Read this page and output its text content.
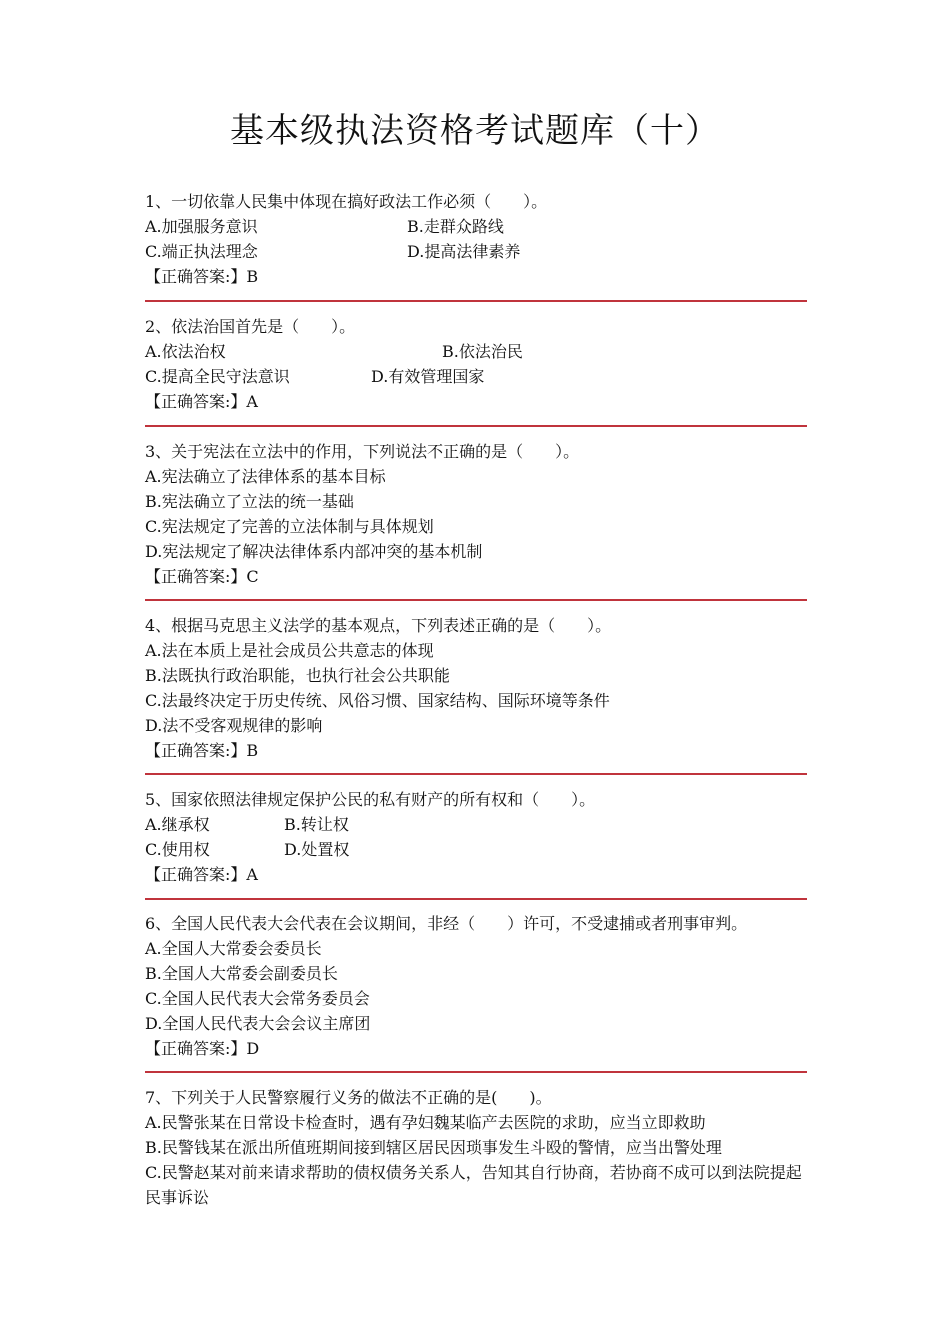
基本级执法资格考试题库（十）
1、一切依靠人民集中体现在搞好政法工作必须（　　）。
A.加强服务意识	B.走群众路线
C.端正执法理念	D.提高法律素养
【正确答案:】B
2、依法治国首先是（　　）。
A.依法治权	B.依法治民
C.提高全民守法意识	D.有效管理国家
【正确答案:】A
3、关于宪法在立法中的作用，下列说法不正确的是（　　）。
A.宪法确立了法律体系的基本目标
B.宪法确立了立法的统一基础
C.宪法规定了完善的立法体制与具体规划
D.宪法规定了解决法律体系内部冲突的基本机制
【正确答案:】C
4、根据马克思主义法学的基本观点，下列表述正确的是（　　）。
A.法在本质上是社会成员公共意志的体现
B.法既执行政治职能，也执行社会公共职能
C.法最终决定于历史传统、风俗习惯、国家结构、国际环境等条件
D.法不受客观规律的影响
【正确答案:】B
5、国家依照法律规定保护公民的私有财产的所有权和（　　）。
A.继承权	B.转让权
C.使用权	D.处置权
【正确答案:】A
6、全国人民代表大会代表在会议期间，非经（　　）许可，不受逮捕或者刑事审判。
A.全国人大常委会委员长
B.全国人大常委会副委员长
C.全国人民代表大会常务委员会
D.全国人民代表大会会议主席团
【正确答案:】D
7、下列关于人民警察履行义务的做法不正确的是(　　)。
A.民警张某在日常设卡检查时，遇有孕妇魏某临产去医院的求助，应当立即救助
B.民警钱某在派出所值班期间接到辖区居民因琐事发生斗殴的警情，应当出警处理
C.民警赵某对前来请求帮助的债权债务关系人，告知其自行协商，若协商不成可以到法院提起民事诉讼
